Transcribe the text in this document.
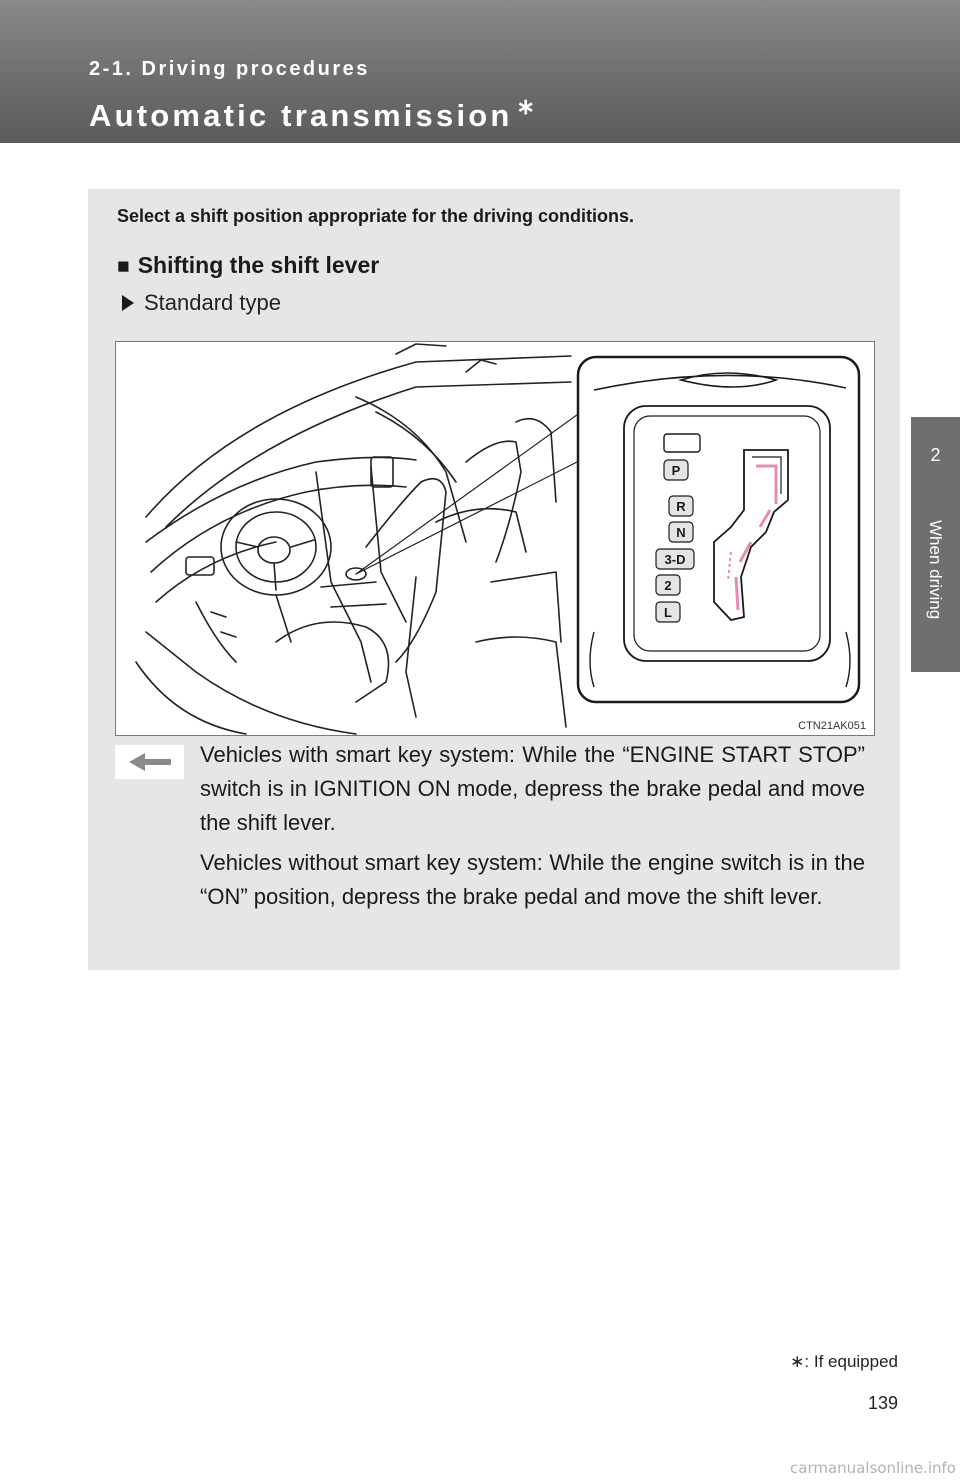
2-1. Driving procedures
Automatic transmission ∗
2
When driving
Select a shift position appropriate for the driving conditions.
■ Shifting the shift lever
Standard type
P
R
N
3-D
2
L
CTN21AK051
Vehicles with smart key system: While the “ENGINE START STOP” switch is in IGNITION ON mode, depress the brake pedal and move the shift lever.
Vehicles without smart key system: While the engine switch is in the “ON” position, depress the brake pedal and move the shift lever.
∗: If equipped
139
carmanualsonline.info
